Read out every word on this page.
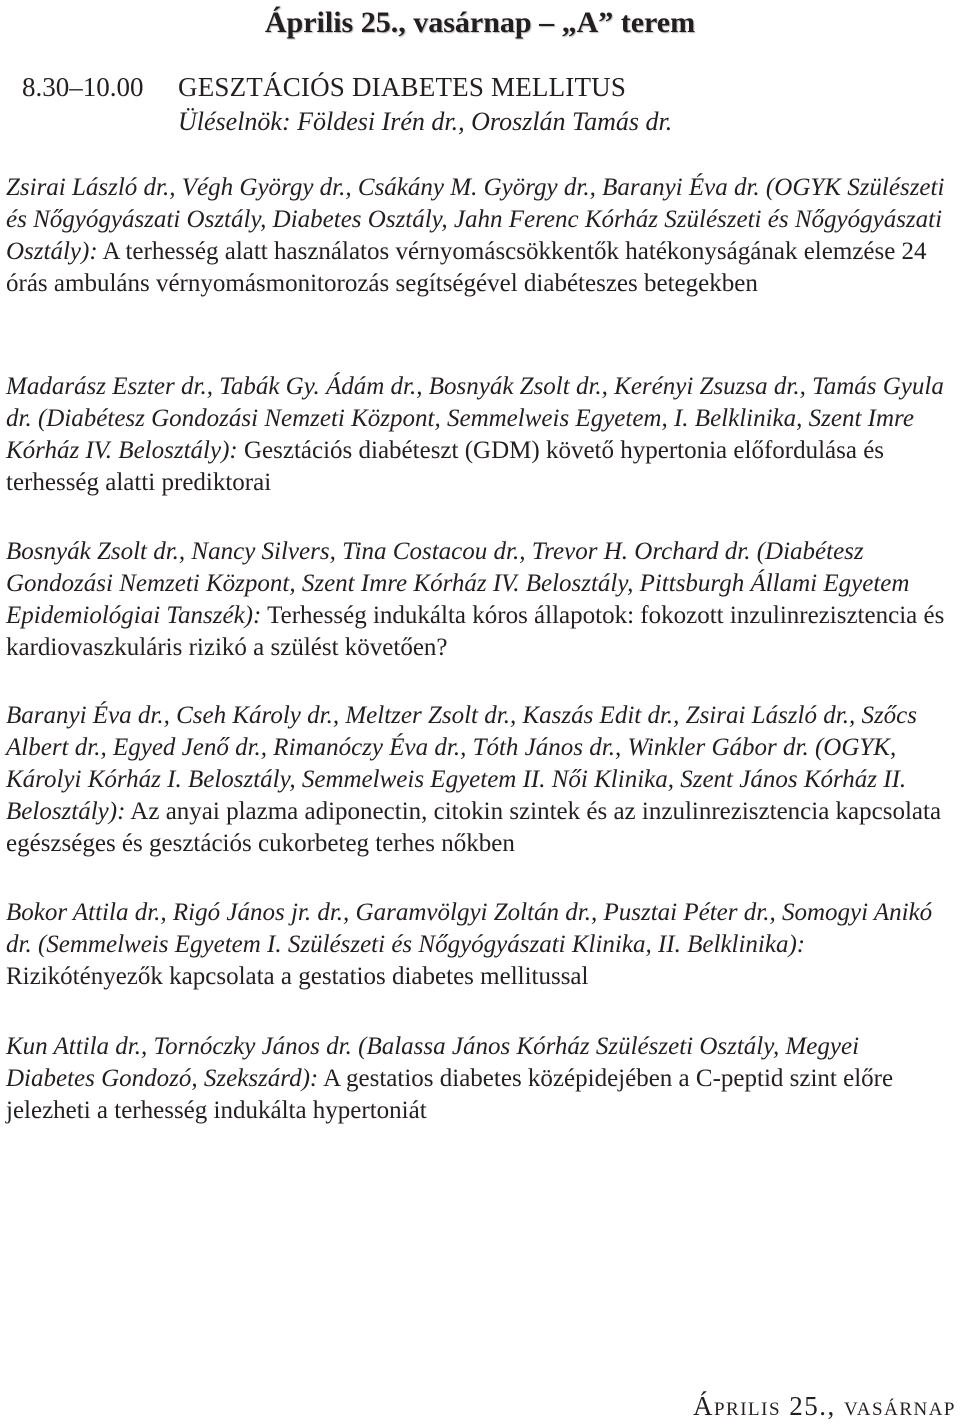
Április 25., vasárnap – „A” terem
8.30–10.00 GESZTÁCIÓS DIABETES MELLITUS
Üléselnök: Földesi Irén dr., Oroszlán Tamás dr.

Zsirai László dr., Végh György dr., Csákány M. György dr., Baranyi Éva dr. (OGYK Szülészeti és Nőgyógyászati Osztály, Diabetes Osztály, Jahn Ferenc Kórház Szülészeti és Nőgyógyászati Osztály): A terhesség alatt használatos vérnyomáscsökkentők hatékonyságának elemzése 24 órás ambuláns vérnyomásmonitorozás segítségével diabéteszes betegekben

Madarász Eszter dr., Tabák Gy. Ádám dr., Bosnyák Zsolt dr., Kerényi Zsuzsa dr., Tamás Gyula dr. (Diabétesz Gondozási Nemzeti Központ, Semmelweis Egyetem, I. Belklinika, Szent Imre Kórház IV. Belosztály): Gesztációs diabéteszt (GDM) követő hypertonia előfordulása és terhesség alatti prediktorai

Bosnyák Zsolt dr., Nancy Silvers, Tina Costacou dr., Trevor H. Orchard dr. (Diabétesz Gondozási Nemzeti Központ, Szent Imre Kórház IV. Belosztály, Pittsburgh Állami Egyetem Epidemiológiai Tanszék): Terhesség indukálta kóros állapotok: fokozott inzulinrezisztencia és kardiovaszkuláris rizikó a szülést követően?

Baranyi Éva dr., Cseh Károly dr., Meltzer Zsolt dr., Kaszás Edit dr., Zsirai László dr., Szőcs Albert dr., Egyed Jenő dr., Rimanóczy Éva dr., Tóth János dr., Winkler Gábor dr. (OGYK, Károlyi Kórház I. Belosztály, Semmelweis Egyetem II. Női Klinika, Szent János Kórház II. Belosztály): Az anyai plazma adiponectin, citokin szintek és az inzulinrezisztencia kapcsolata egészséges és gesztációs cukorbeteg terhes nőkben

Bokor Attila dr., Rigó János jr. dr., Garamvölgyi Zoltán dr., Pusztai Péter dr., Somogyi Anikó dr. (Semmelweis Egyetem I. Szülészeti és Nőgyógyászati Klinika, II. Belklinika): Rizikótényezők kapcsolata a gestatios diabetes mellitussal

Kun Attila dr., Tornóczky János dr. (Balassa János Kórház Szülészeti Osztály, Megyei Diabetes Gondozó, Szekszárd): A gestatios diabetes középidejében a C-peptid szint előre jelezheti a terhesség indukálta hypertoniát

Április 25., vasárnap
